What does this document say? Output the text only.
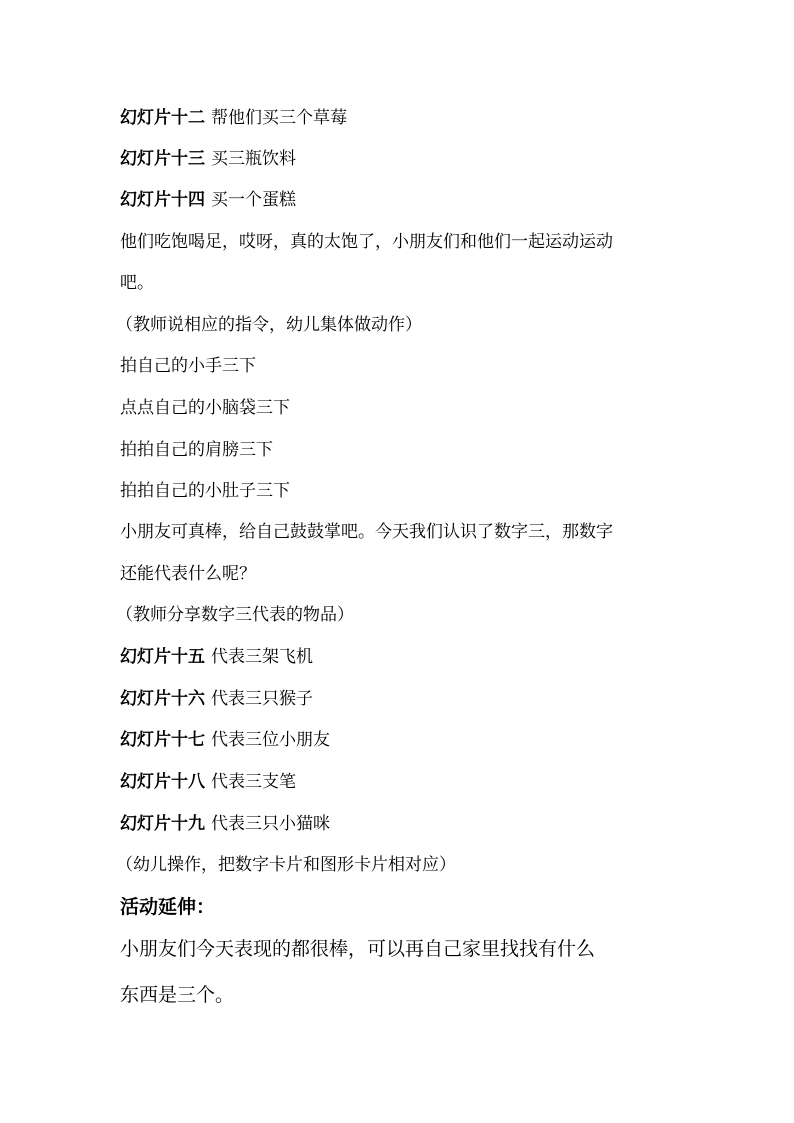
幻灯片十二 帮他们买三个草莓
幻灯片十三 买三瓶饮料
幻灯片十四 买一个蛋糕
他们吃饱喝足，哎呀，真的太饱了，小朋友们和他们一起运动运动
吧。
（教师说相应的指令，幼儿集体做动作）
拍自己的小手三下
点点自己的小脑袋三下
拍拍自己的肩膀三下
拍拍自己的小肚子三下
小朋友可真棒，给自己鼓鼓掌吧。今天我们认识了数字三，那数字
还能代表什么呢？
（教师分享数字三代表的物品）
幻灯片十五 代表三架飞机
幻灯片十六 代表三只猴子
幻灯片十七 代表三位小朋友
幻灯片十八 代表三支笔
幻灯片十九 代表三只小猫咪
（幼儿操作，把数字卡片和图形卡片相对应）
活动延伸：
小朋友们今天表现的都很棒，可以再自己家里找找有什么
东西是三个。
